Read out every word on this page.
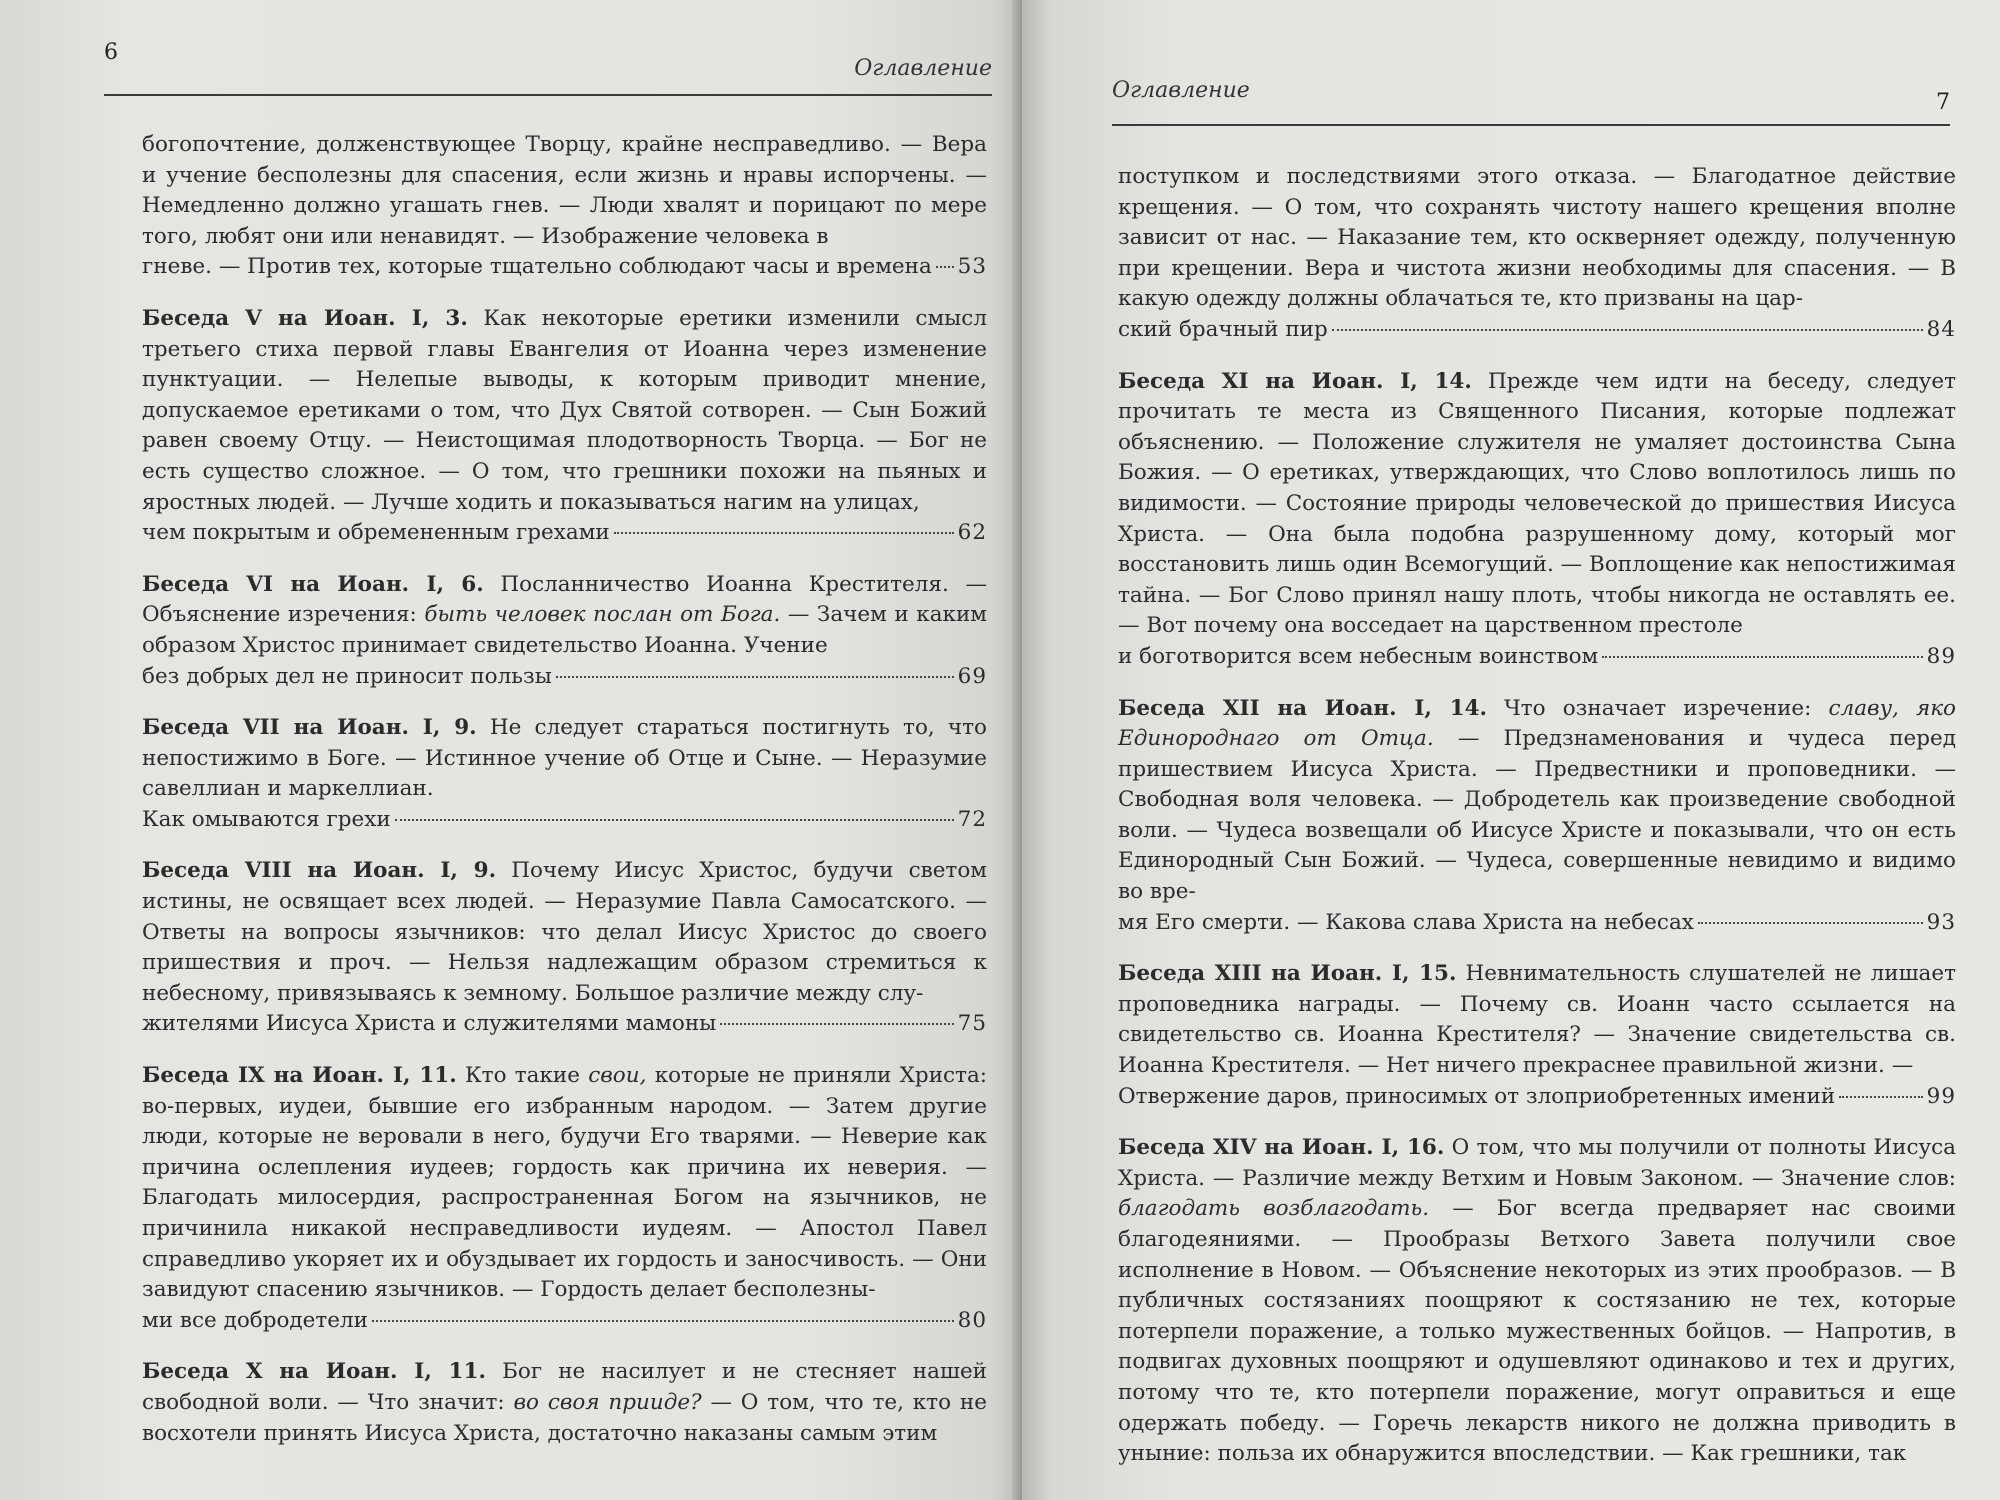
6
Оглавление

богопочтение, долженствующее Творцу, крайне несправедливо. — Вера и учение бесполезны для спасения, если жизнь и нравы испорчены. — Немедленно должно угашать гнев. — Люди хвалят и порицают по мере того, любят они или ненавидят. — Изображение человека в

гневе. — Против тех, которые тщательно соблюдают часы и времена 53

Беседа V на Иоан. I, 3. Как некоторые еретики изменили смысл третьего стиха первой главы Евангелия от Иоанна через изменение пунктуации. — Нелепые выводы, к которым приводит мнение, допускаемое еретиками о том, что Дух Святой сотворен. — Сын Божий равен своему Отцу. — Неистощимая плодотворность Творца. — Бог не есть существо сложное. — О том, что грешники похожи на пьяных и яростных людей. — Лучше ходить и показываться нагим на улицах,

чем покрытым и обремененным грехами	62

Беседа VI на Иоан. I, 6. Посланничество Иоанна Крестителя. — Объяснение изречения: быть человек послан от Бога. — Зачем и каким образом Христос принимает свидетельство Иоанна. Учение

без добрых дел не приносит пользы	69

Беседа VII на Иоан. I, 9. Не следует стараться постигнуть то, что непостижимо в Боге. — Истинное учение об Отце и Сыне. — Неразумие савеллиан и маркеллиан.

Как омываются грехи	72

Беседа VIII на Иоан. I, 9. Почему Иисус Христос, будучи светом истины, не освящает всех людей. — Неразумие Павла Самосатского. — Ответы на вопросы язычников: что делал Иисус Христос до своего пришествия и проч. — Нельзя надлежащим образом стремиться к небесному, привязываясь к земному. Большое различие между слу-

жителями Иисуса Христа и служителями мамоны	75

Беседа IX на Иоан. I, 11. Кто такие свои, которые не приняли Христа: во-первых, иудеи, бывшие его избранным народом. — Затем другие люди, которые не веровали в него, будучи Его тварями. — Неверие как причина ослепления иудеев; гордость как причина их неверия. — Благодать милосердия, распространенная Богом на язычников, не причинила никакой несправедливости иудеям. — Апостол Павел справедливо укоряет их и обуздывает их гордость и заносчивость. — Они завидуют спасению язычников. — Гордость делает бесполезны-

ми все добродетели	80

Беседа X на Иоан. I, 11. Бог не насилует и не стесняет нашей свободной воли. — Что значит: во своя прииде? — О том, что те, кто не восхотели принять Иисуса Христа, достаточно наказаны самым этим

Оглавление	7

поступком и последствиями этого отказа. — Благодатное действие крещения. — О том, что сохранять чистоту нашего крещения вполне зависит от нас. — Наказание тем, кто оскверняет одежду, полученную при крещении. Вера и чистота жизни необходимы для спасения. — В какую одежду должны облачаться те, кто призваны на цар-

ский брачный пир	84

Беседа XI на Иоан. I, 14. Прежде чем идти на беседу, следует прочитать те места из Священного Писания, которые подлежат объяснению. — Положение служителя не умаляет достоинства Сына Божия. — О еретиках, утверждающих, что Слово воплотилось лишь по видимости. — Состояние природы человеческой до пришествия Иисуса Христа. — Она была подобна разрушенному дому, который мог восстановить лишь один Всемогущий. — Воплощение как непостижимая тайна. — Бог Слово принял нашу плоть, чтобы никогда не оставлять ее. — Вот почему она восседает на царственном престоле

и боготворится всем небесным воинством	89

Беседа XII на Иоан. I, 14. Что означает изречение: славу, яко Единороднаго от Отца. — Предзнаменования и чудеса перед пришествием Иисуса Христа. — Предвестники и проповедники. — Свободная воля человека. — Добродетель как произведение свободной воли. — Чудеса возвещали об Иисусе Христе и показывали, что он есть Единородный Сын Божий. — Чудеса, совершенные невидимо и видимо во вре-

мя Его смерти. — Какова слава Христа на небесах	93

Беседа XIII на Иоан. I, 15. Невнимательность слушателей не лишает проповедника награды. — Почему св. Иоанн часто ссылается на свидетельство св. Иоанна Крестителя? — Значение свидетельства св. Иоанна Крестителя. — Нет ничего прекраснее правильной жизни. —

Отвержение даров, приносимых от злоприобретенных имений	99

Беседа XIV на Иоан. I, 16. О том, что мы получили от полноты Иисуса Христа. — Различие между Ветхим и Новым Законом. — Значение слов: благодать возблагодать. — Бог всегда предваряет нас своими благодеяниями. — Прообразы Ветхого Завета получили свое исполнение в Новом. — Объяснение некоторых из этих прообразов. — В публичных состязаниях поощряют к состязанию не тех, которые потерпели поражение, а только мужественных бойцов. — Напротив, в подвигах духовных поощряют и одушевляют одинаково и тех и других, потому что те, кто потерпели поражение, могут оправиться и еще одержать победу. — Горечь лекарств никого не должна приводить в уныние: польза их обнаружится впоследствии. — Как грешники, так
